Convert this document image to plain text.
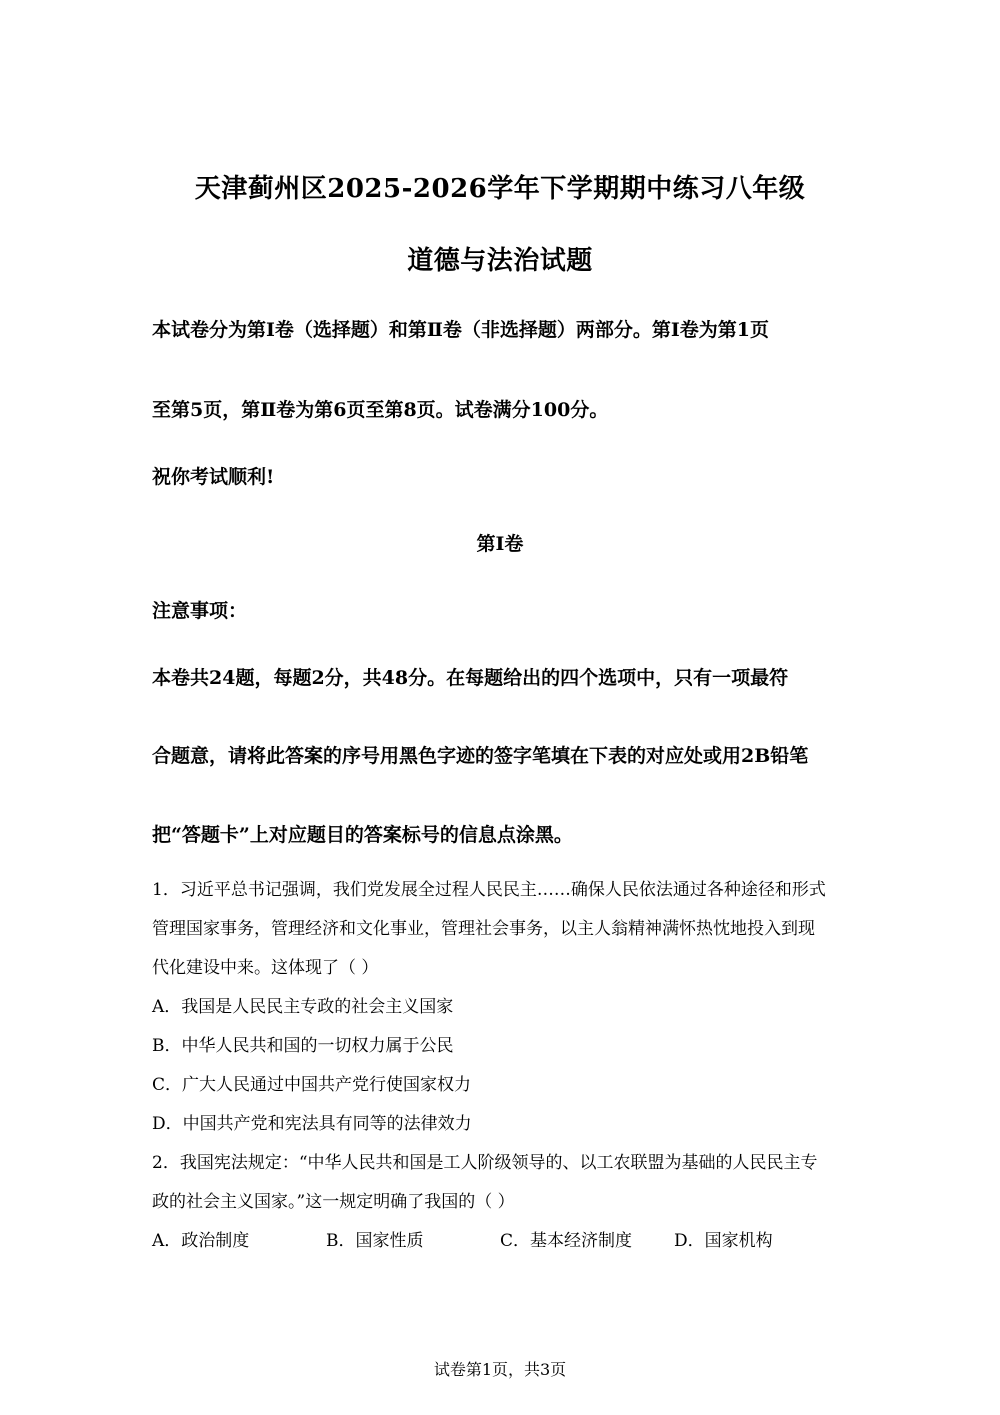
天津蓟州区2025-2026学年下学期期中练习八年级
道德与法治试题
本试卷分为第Ⅰ卷（选择题）和第Ⅱ卷（非选择题）两部分。第Ⅰ卷为第1页
至第5页，第Ⅱ卷为第6页至第8页。试卷满分100分。
祝你考试顺利!
第Ⅰ卷
注意事项：
本卷共24题，每题2分，共48分。在每题给出的四个选项中，只有一项最符
合题意，请将此答案的序号用黑色字迹的签字笔填在下表的对应处或用2B铅笔
把“答题卡”上对应题目的答案标号的信息点涂黑。
1．习近平总书记强调，我们党发展全过程人民民主……确保人民依法通过各种途径和形式
管理国家事务，管理经济和文化事业，管理社会事务，以主人翁精神满怀热忱地投入到现
代化建设中来。这体现了（ ）
A．我国是人民民主专政的社会主义国家
B．中华人民共和国的一切权力属于公民
C．广大人民通过中国共产党行使国家权力
D．中国共产党和宪法具有同等的法律效力
2．我国宪法规定：“中华人民共和国是工人阶级领导的、以工农联盟为基础的人民民主专
政的社会主义国家。”这一规定明确了我国的（ ）
A．政治制度	B．国家性质	C．基本经济制度 D．国家机构
试卷第1页，共3页
